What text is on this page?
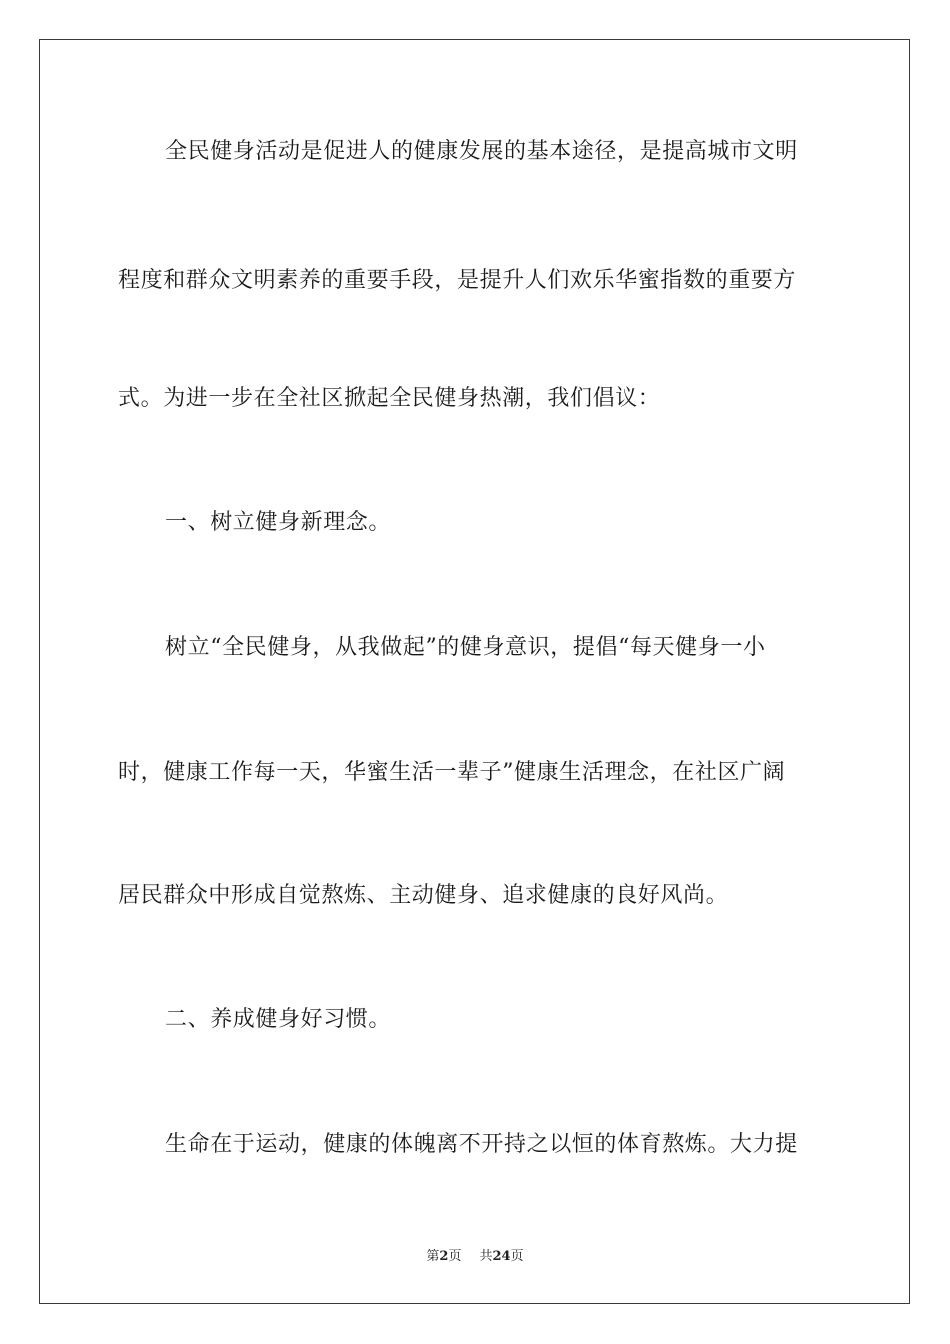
全民健身活动是促进人的健康发展的基本途径，是提高城市文明
程度和群众文明素养的重要手段，是提升人们欢乐华蜜指数的重要方
式。为进一步在全社区掀起全民健身热潮，我们倡议：
一、树立健身新理念。
树立“全民健身，从我做起”的健身意识，提倡“每天健身一小
时，健康工作每一天，华蜜生活一辈子”健康生活理念，在社区广阔
居民群众中形成自觉熬炼、主动健身、追求健康的良好风尚。
二、养成健身好习惯。
生命在于运动，健康的体魄离不开持之以恒的体育熬炼。大力提
第2页 共24页
